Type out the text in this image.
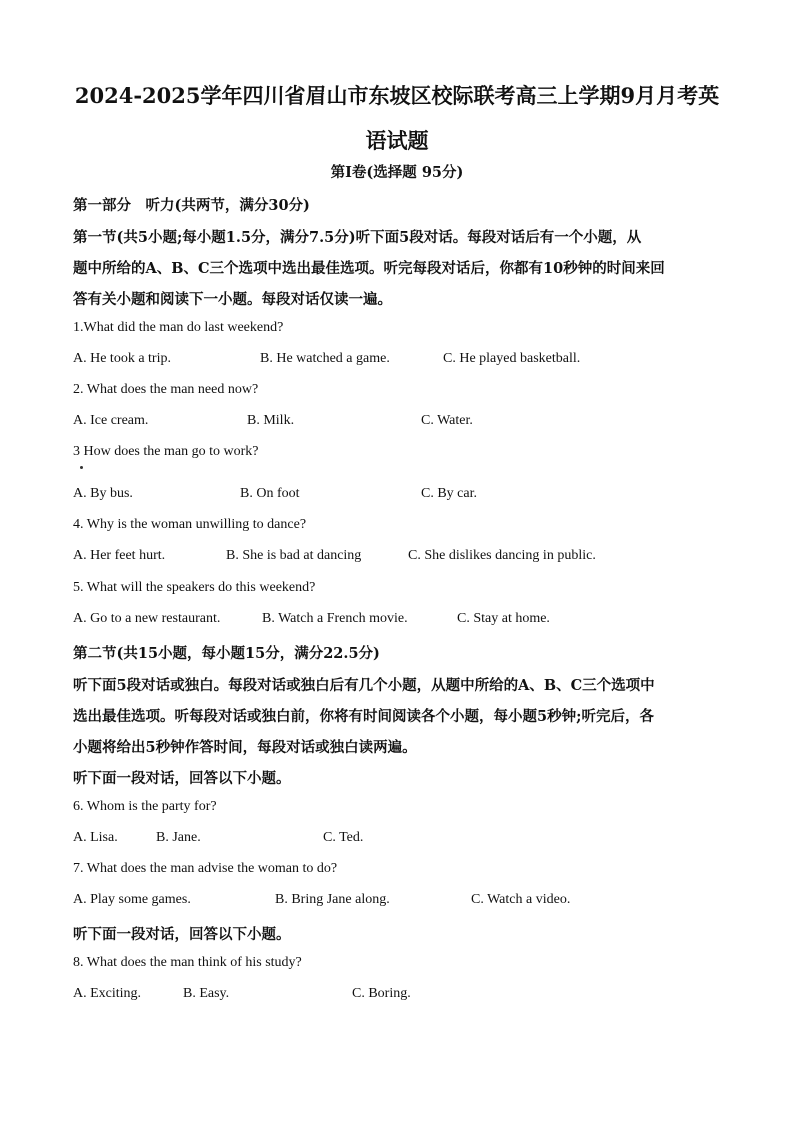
2024-2025学年四川省眉山市东坡区校际联考高三上学期9月月考英
语试题
第I卷(选择题 95分)
第一部分　听力(共两节，满分30分)
第一节(共5小题;每小题1.5分，满分7.5分)听下面5段对话。每段对话后有一个小题，从
题中所给的A、B、C三个选项中选出最佳选项。听完每段对话后，你都有10秒钟的时间来回
答有关小题和阅读下一小题。每段对话仅读一遍。
1.What did the man do last weekend?
A. He took a trip.	B. He watched a game.	C. He played basketball.
2. What does the man need now?
A. Ice cream.	B. Milk.	C. Water.
3 How does the man go to work?
A. By bus.	B. On foot	C. By car.
4. Why is the woman unwilling to dance?
A. Her feet hurt.	B. She is bad at dancing	C. She dislikes dancing in public.
5. What will the speakers do this weekend?
A. Go to a new restaurant.	B. Watch a French movie.	C. Stay at home.
第二节(共15小题，每小题15分，满分22.5分)
听下面5段对话或独白。每段对话或独白后有几个小题，从题中所给的A、B、C三个选项中
选出最佳选项。听每段对话或独白前，你将有时间阅读各个小题，每小题5秒钟;听完后，各
小题将给出5秒钟作答时间，每段对话或独白读两遍。
听下面一段对话，回答以下小题。
6. Whom is the party for?
A. Lisa.	B. Jane.	C. Ted.
7. What does the man advise the woman to do?
A. Play some games.	B. Bring Jane along.	C. Watch a video.
听下面一段对话，回答以下小题。
8. What does the man think of his study?
A. Exciting.	B. Easy.	C. Boring.
